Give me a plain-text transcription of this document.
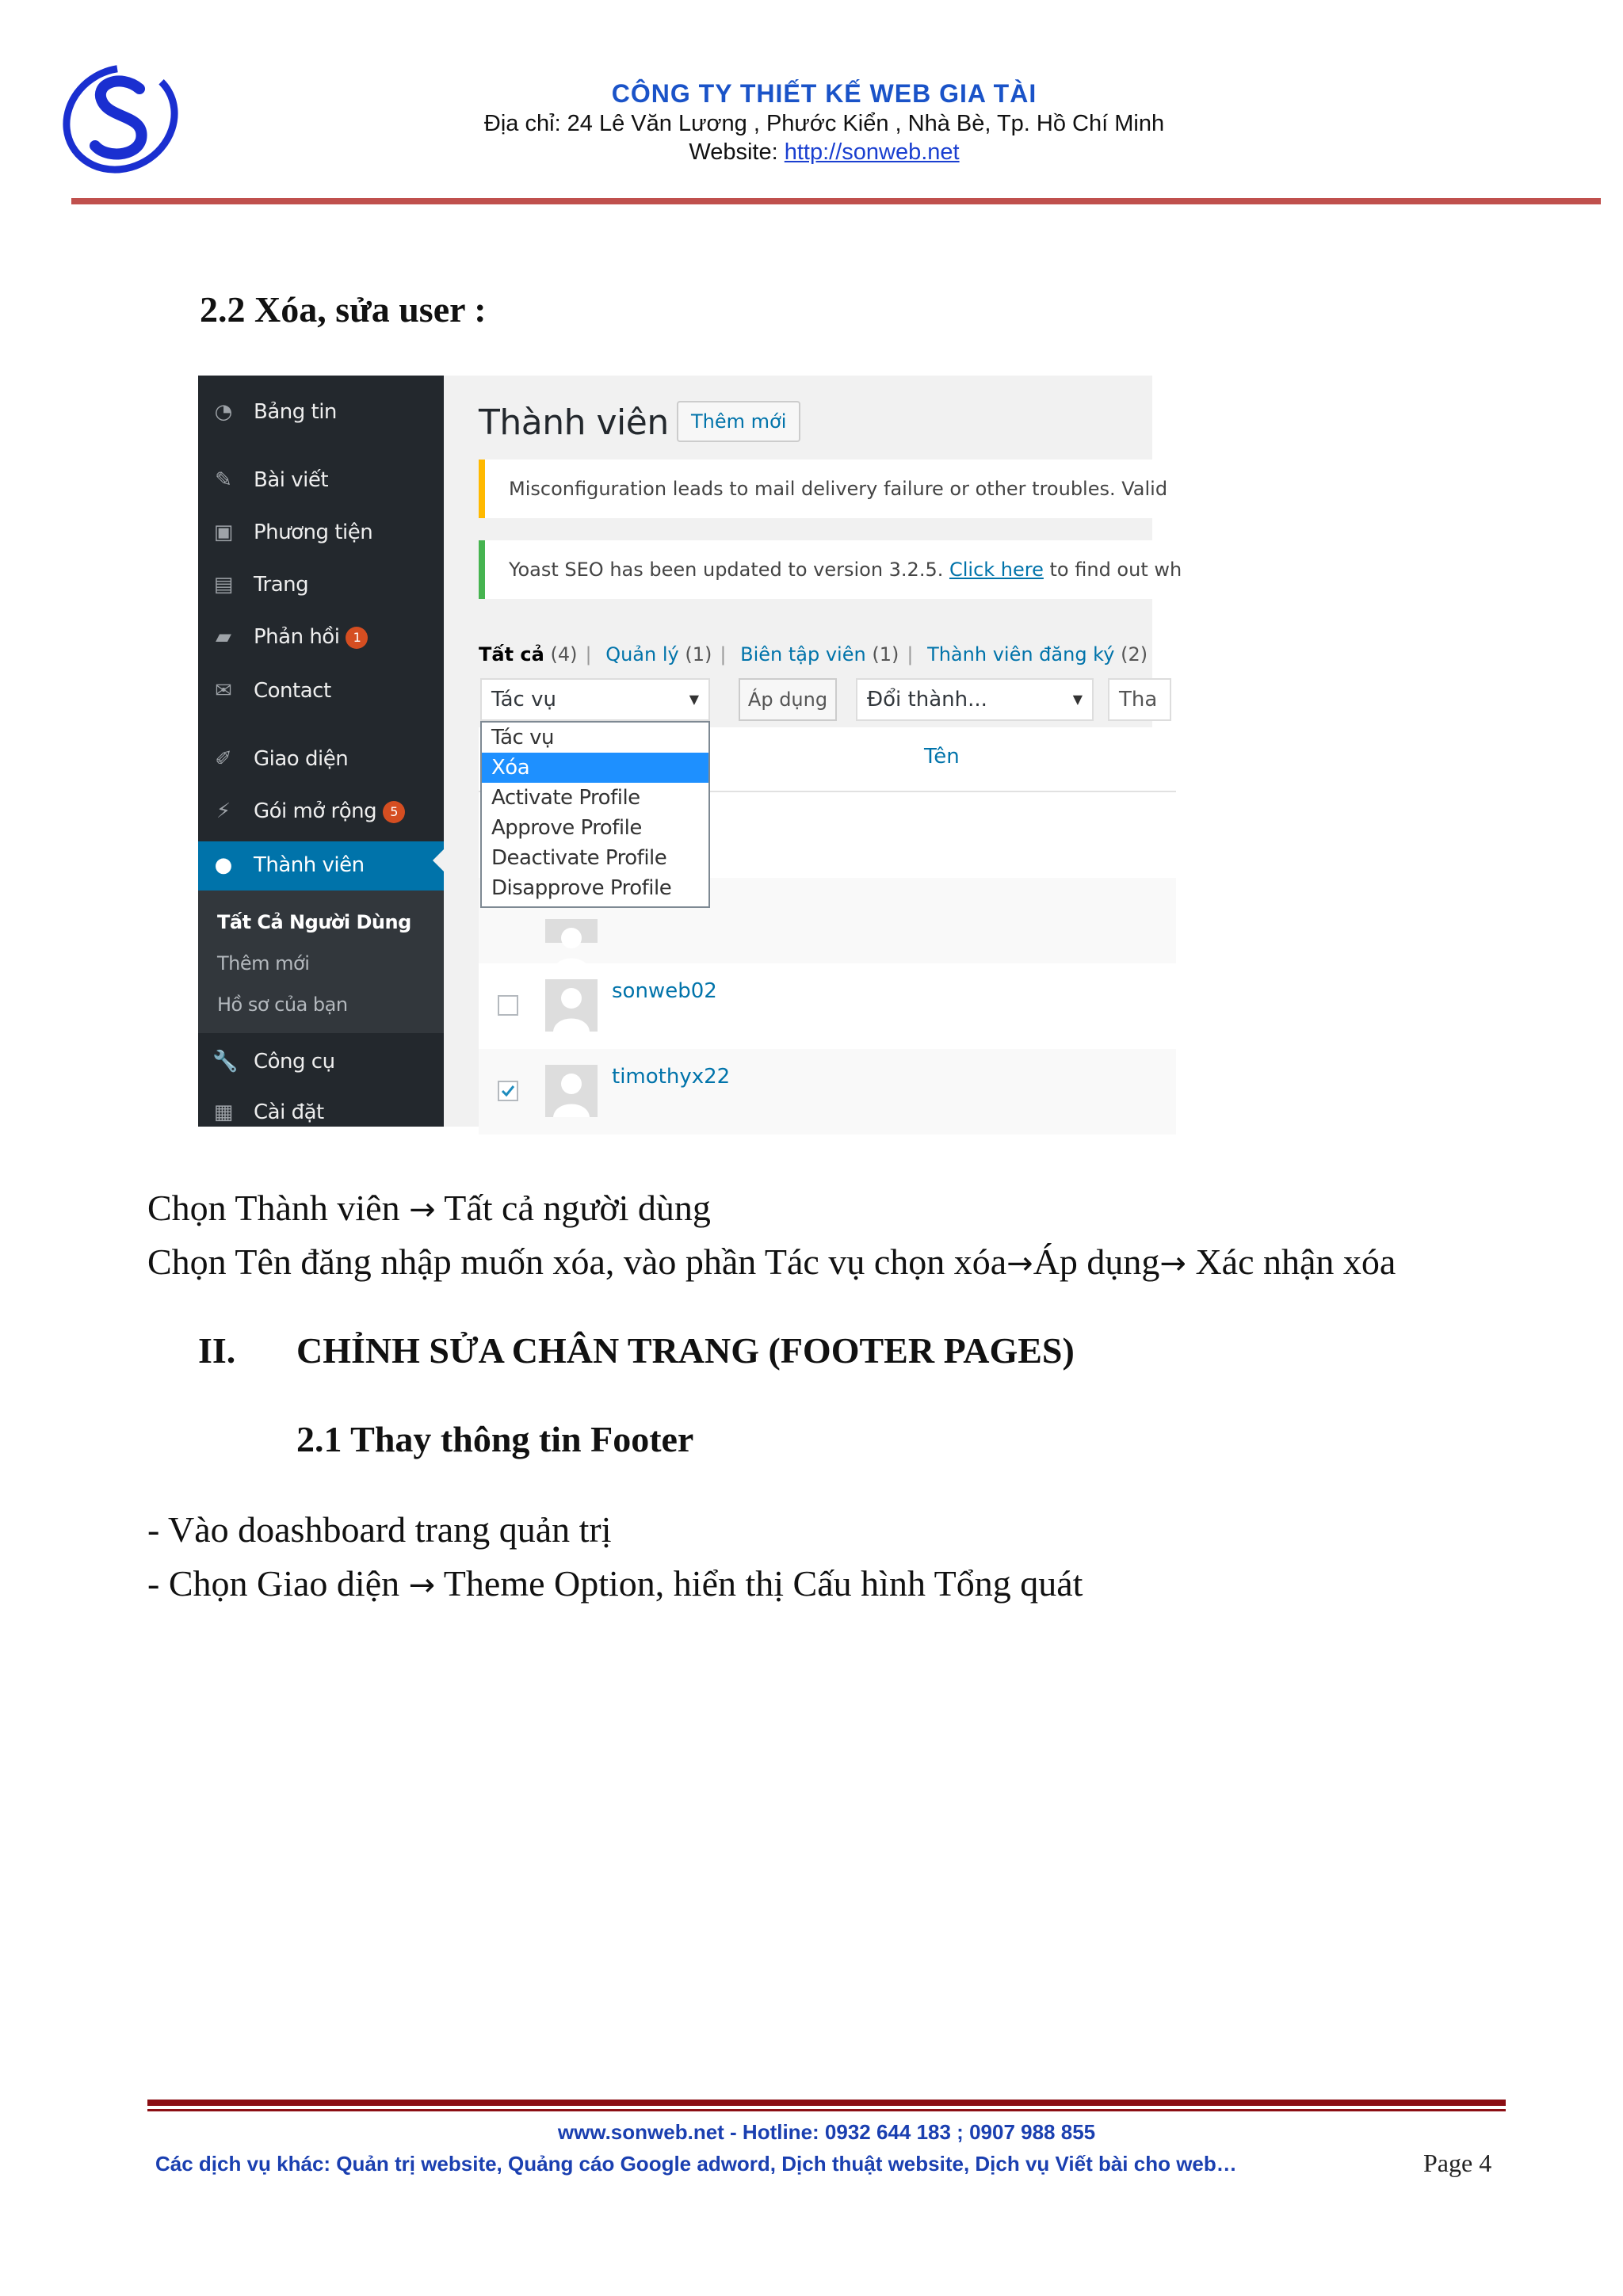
CÔNG TY THIẾT KẾ WEB GIA TÀI
Địa chỉ: 24 Lê Văn Lương , Phước Kiển , Nhà Bè, Tp. Hồ Chí Minh
Website: http://sonweb.net
2.2 Xóa, sửa user :
◔ Bảng tin
✎ Bài viết
▣ Phương tiện
▤ Trang
▰ Phản hồi 1
✉ Contact
✐ Giao diện
⚡ Gói mở rộng 5
● Thành viên
Tất Cả Người Dùng
Thêm mới
Hồ sơ của bạn
🔧 Công cụ
▦ Cài đặt
Thành viên	Thêm mới
Misconfiguration leads to mail delivery failure or other troubles. Valid
Yoast SEO has been updated to version 3.2.5. Click here to find out wh
Tất cả (4) | Quản lý (1) | Biên tập viên (1) | Thành viên đăng ký (2)
Tên
sonweb02
timothyx22
Tác vụ	▼	Áp dụng	Đổi thành...	▼	Tha
Tác vụ
Xóa
Activate Profile
Approve Profile
Deactivate Profile
Disapprove Profile
Chọn Thành viên → Tất cả người dùng
Chọn Tên đăng nhập muốn xóa, vào phần Tác vụ chọn xóa→Áp dụng→ Xác nhận xóa
II. CHỈNH SỬA CHÂN TRANG (FOOTER PAGES)
2.1 Thay thông tin Footer
- Vào doashboard trang quản trị
- Chọn Giao diện → Theme Option, hiển thị Cấu hình Tổng quát
www.sonweb.net - Hotline: 0932 644 183 ; 0907 988 855
Các dịch vụ khác: Quản trị website, Quảng cáo Google adword, Dịch thuật website, Dịch vụ Viết bài cho web…	Page 4
